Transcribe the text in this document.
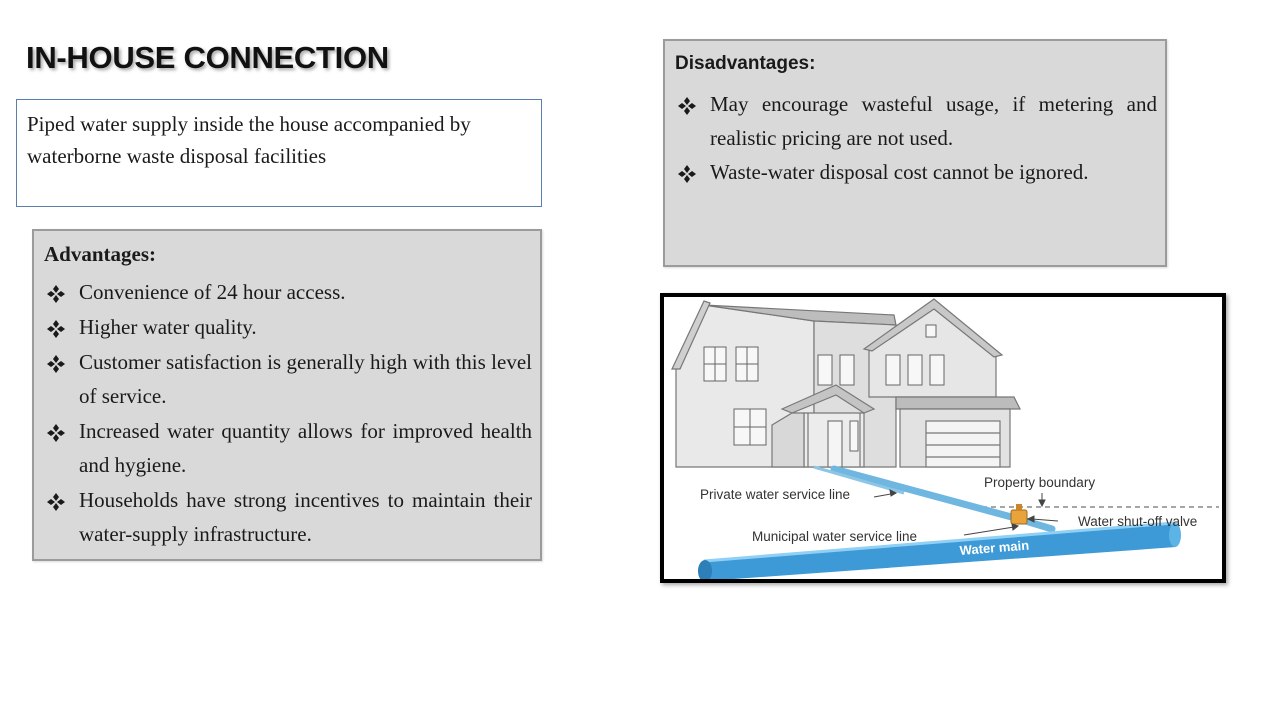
IN-HOUSE CONNECTION
Piped water supply inside the house accompanied by waterborne waste disposal facilities
Advantages:
Convenience of 24 hour access.
Higher water quality.
Customer satisfaction is generally high with this level of service.
Increased water quantity allows for improved health and hygiene.
Households have strong incentives to maintain their water-supply infrastructure.
Disadvantages:
May encourage wasteful usage, if metering and realistic pricing are not used.
Waste-water disposal cost cannot be ignored.
Water main
Private water service line
Property boundary
Water shut-off valve
Municipal water service line
